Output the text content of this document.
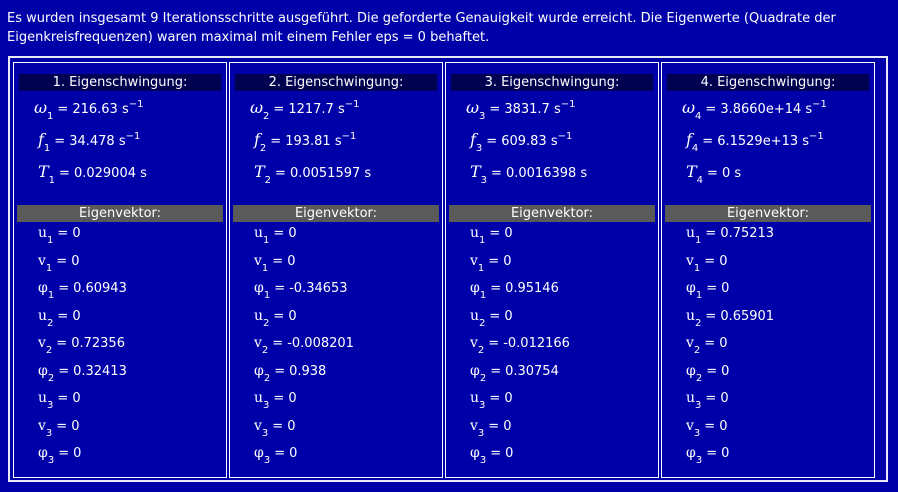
Es wurden insgesamt 9 Iterationsschritte ausgeführt. Die geforderte Genauigkeit wurde erreicht. Die Eigenwerte (Quadrate der Eigenkreisfrequenzen) waren maximal mit einem Fehler eps = 0 behaftet.
1. Eigenschwingung:
$\omega_1 = 216.63$ $s^{-1}$
$f_1 = 34.478$ $s^{-1}$
$T_1 = 0.029004$ s
Eigenvektor:
$u_1 = 0$
$v_1 = 0$
$\varphi_1 = 0.60943$
$u_2 = 0$
$v_2 = 0.72356$
$\varphi_2 = 0.32413$
$u_3 = 0$
$v_3 = 0$
$\varphi_3 = 0$
2. Eigenschwingung:
$\omega_2 = 1217.7$ $s^{-1}$
$f_2 = 193.81$ $s^{-1}$
$T_2 = 0.0051597$ s
Eigenvektor:
$u_1 = 0$
$v_1 = 0$
$\varphi_1 = -0.34653$
$u_2 = 0$
$v_2 = -0.008201$
$\varphi_2 = 0.938$
$u_3 = 0$
$v_3 = 0$
$\varphi_3 = 0$
3. Eigenschwingung:
$\omega_3 = 3831.7$ $s^{-1}$
$f_3 = 609.83$ $s^{-1}$
$T_3 = 0.0016398$ s
Eigenvektor:
$u_1 = 0$
$v_1 = 0$
$\varphi_1 = 0.95146$
$u_2 = 0$
$v_2 = -0.012166$
$\varphi_2 = 0.30754$
$u_3 = 0$
$v_3 = 0$
$\varphi_3 = 0$
4. Eigenschwingung:
$\omega_4 = 3.8660e+14$ $s^{-1}$
$f_4 = 6.1529e+13$ $s^{-1}$
$T_4 = 0$ s
Eigenvektor:
$u_1 = 0.75213$
$v_1 = 0$
$\varphi_1 = 0$
$u_2 = 0.65901$
$v_2 = 0$
$\varphi_2 = 0$
$u_3 = 0$
$v_3 = 0$
$\varphi_3 = 0$
